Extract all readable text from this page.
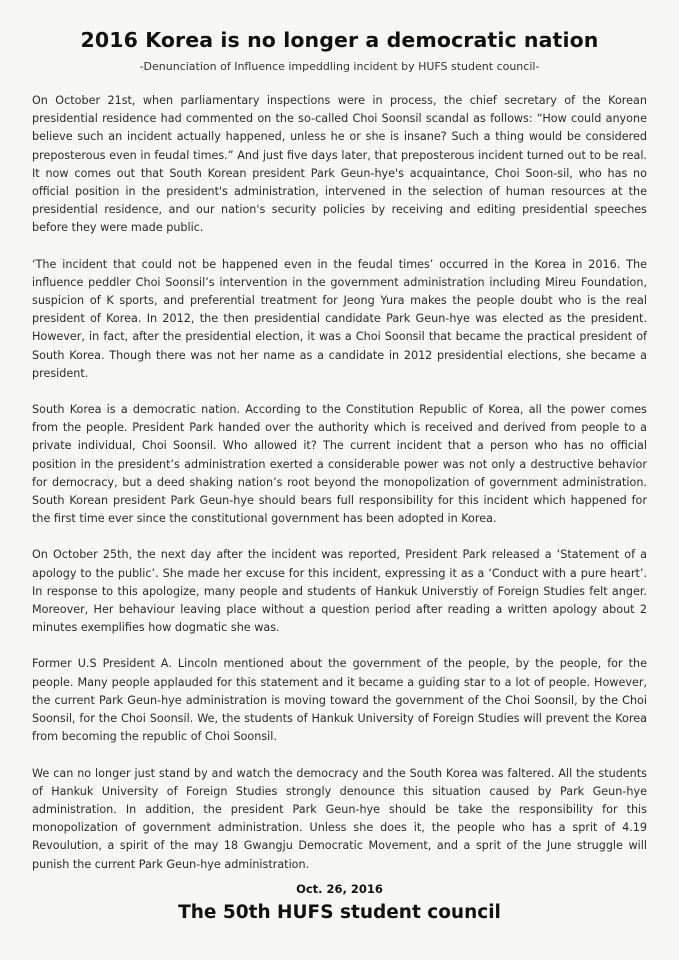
2016 Korea is no longer a democratic nation

-Denunciation of Influence impeddling incident by HUFS student council-

On October 21st, when parliamentary inspections were in process, the chief secretary of the Korean presidential residence had commented on the so-called Choi Soonsil scandal as follows: “How could anyone believe such an incident actually happened, unless he or she is insane? Such a thing would be considered preposterous even in feudal times.” And just five days later, that preposterous incident turned out to be real. It now comes out that South Korean president Park Geun-hye's acquaintance, Choi Soon-sil, who has no official position in the president's administration, intervened in the selection of human resources at the presidential residence, and our nation's security policies by receiving and editing presidential speeches before they were made public.

‘The incident that could not be happened even in the feudal times’ occurred in the Korea in 2016. The influence peddler Choi Soonsil’s intervention in the government administration including Mireu Foundation, suspicion of K sports, and preferential treatment for Jeong Yura makes the people doubt who is the real president of Korea. In 2012, the then presidential candidate Park Geun-hye was elected as the president. However, in fact, after the presidential election, it was a Choi Soonsil that became the practical president of South Korea. Though there was not her name as a candidate in 2012 presidential elections, she became a president.

South Korea is a democratic nation. According to the Constitution Republic of Korea, all the power comes from the people. President Park handed over the authority which is received and derived from people to a private individual, Choi Soonsil. Who allowed it? The current incident that a person who has no official position in the president’s administration exerted a considerable power was not only a destructive behavior for democracy, but a deed shaking nation’s root beyond the monopolization of government administration. South Korean president Park Geun-hye should bears full responsibility for this incident which happened for the first time ever since the constitutional government has been adopted in Korea.

On October 25th, the next day after the incident was reported, President Park released a ‘Statement of a apology to the public’. She made her excuse for this incident, expressing it as a ‘Conduct with a pure heart’. In response to this apologize, many people and students of Hankuk Universtiy of Foreign Studies felt anger. Moreover, Her behaviour leaving place without a question period after reading a written apology about 2 minutes exemplifies how dogmatic she was.

Former U.S President A. Lincoln mentioned about the government of the people, by the people, for the people. Many people applauded for this statement and it became a guiding star to a lot of people. However, the current Park Geun-hye administration is moving toward the government of the Choi Soonsil, by the Choi Soonsil, for the Choi Soonsil. We, the students of Hankuk University of Foreign Studies will prevent the Korea from becoming the republic of Choi Soonsil.

We can no longer just stand by and watch the democracy and the South Korea was faltered. All the students of Hankuk University of Foreign Studies strongly denounce this situation caused by Park Geun-hye administration. In addition, the president Park Geun-hye should be take the responsibility for this monopolization of government administration. Unless she does it, the people who has a sprit of 4.19 Revoulution, a spirit of the may 18 Gwangju Democratic Movement, and a sprit of the June struggle will punish the current Park Geun-hye administration.

Oct. 26, 2016
The 50th HUFS student council
